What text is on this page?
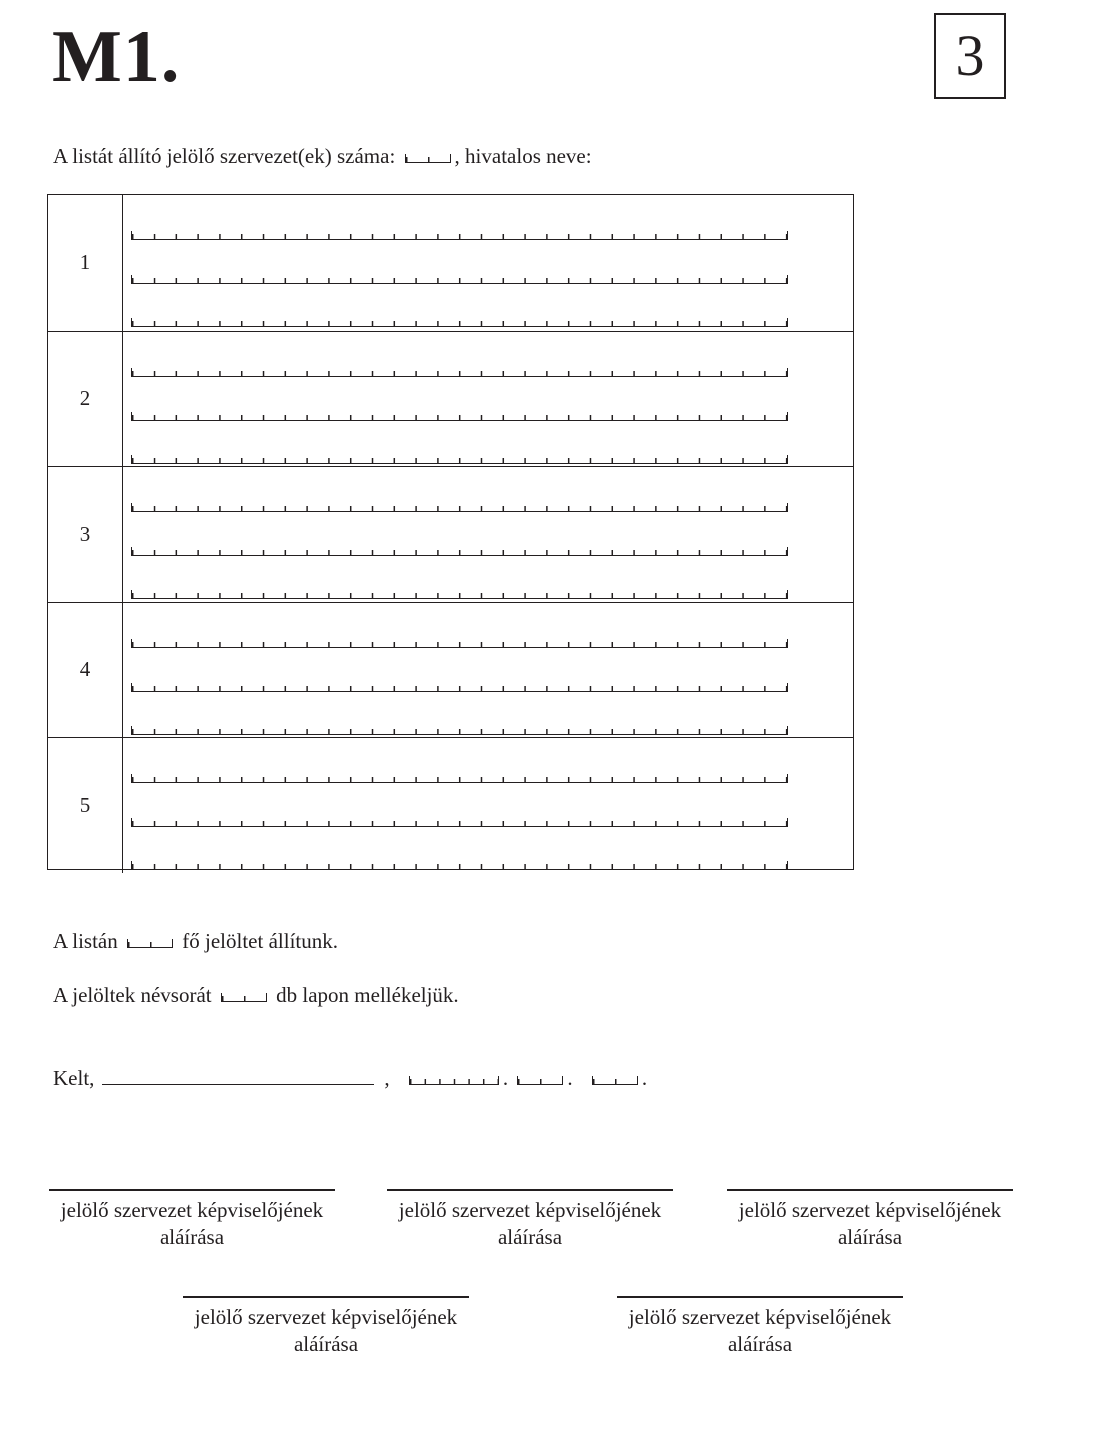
M1.	3
A listát állító jelölő szervezet(ek) száma:	, hivatalos neve:
1
2
3
4
5
A listán	fő jelöltet állítunk.
A jelöltek névsorát	db lapon mellékeljük.
Kelt,	,	.	.	.
jelölő szervezet képviselőjének
aláírása
jelölő szervezet képviselőjének
aláírása
jelölő szervezet képviselőjének
aláírása
jelölő szervezet képviselőjének
aláírása
jelölő szervezet képviselőjének
aláírása
